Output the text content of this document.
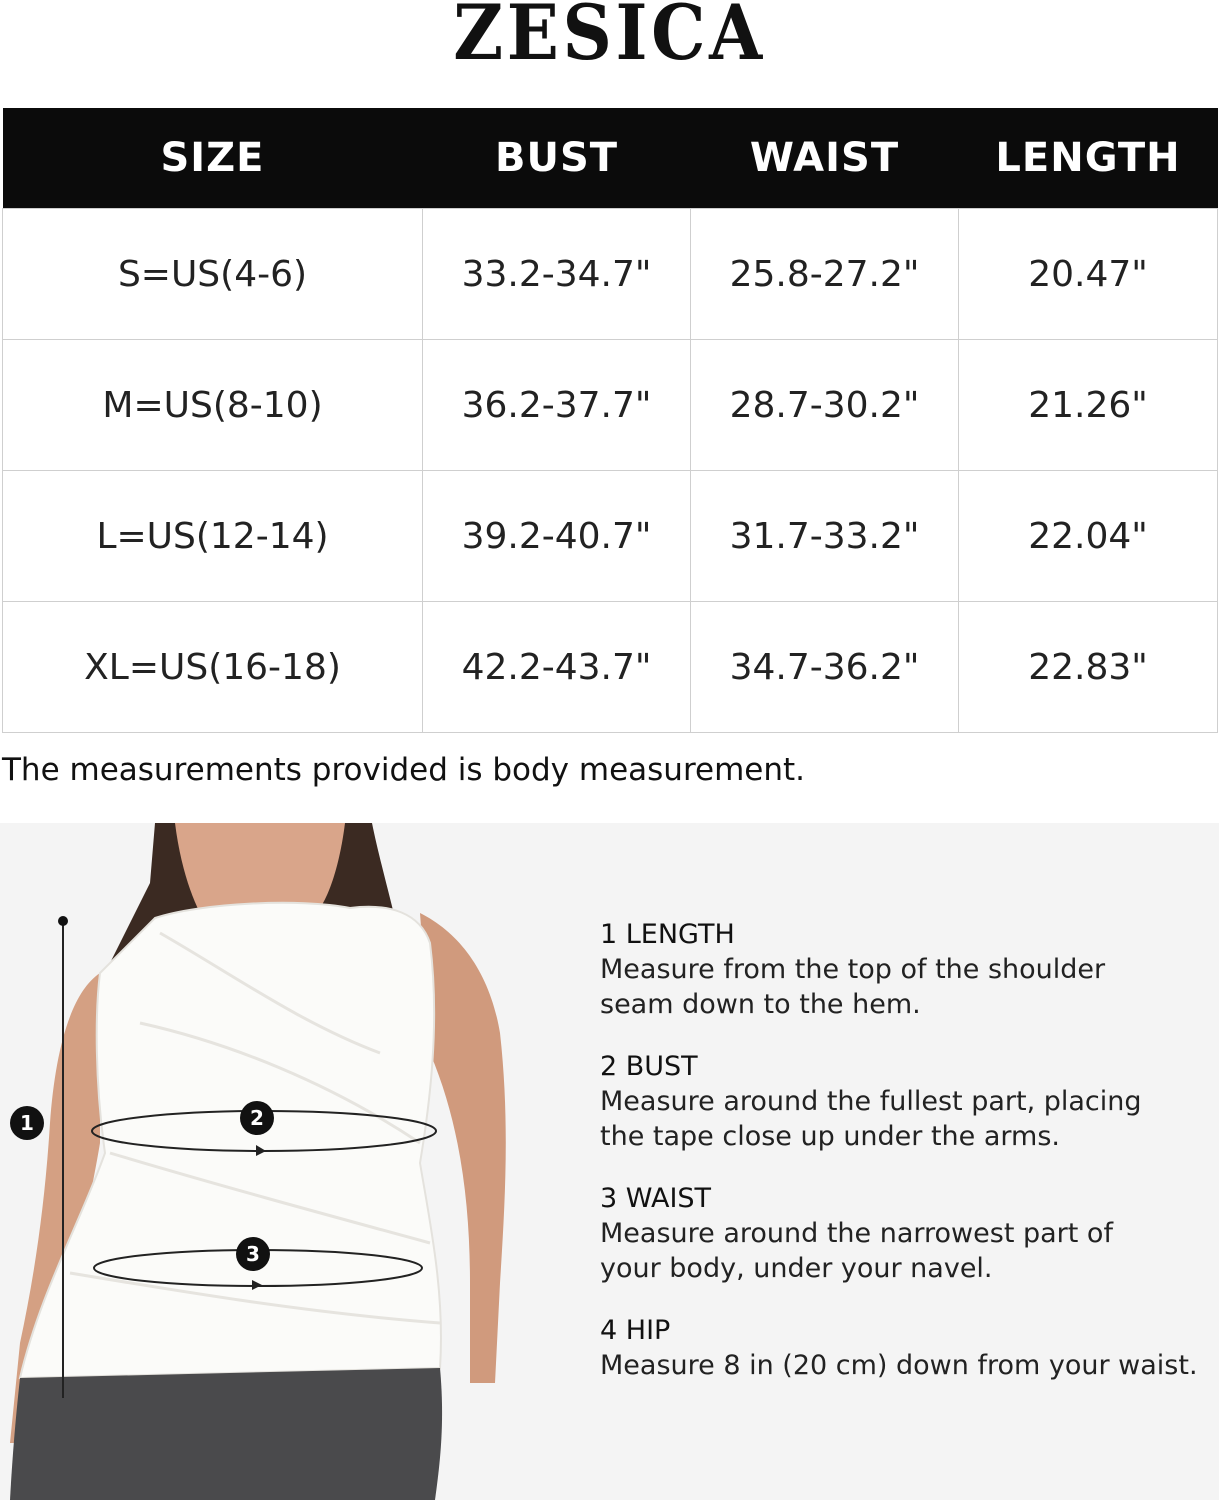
ZESICA
SIZE	BUST	WAIST	LENGTH
S=US(4-6)	33.2-34.7"	25.8-27.2"	20.47"
M=US(8-10)	36.2-37.7"	28.7-30.2"	21.26"
L=US(12-14)	39.2-40.7"	31.7-33.2"	22.04"
XL=US(16-18)	42.2-43.7"	34.7-36.2"	22.83"
The measurements provided is body measurement.
1	2
3
1 LENGTH
Measure from the top of the shoulder
seam down to the hem.
2 BUST
Measure around the fullest part, placing
the tape close up under the arms.
3 WAIST
Measure around the narrowest part of
your body, under your navel.
4 HIP
Measure 8 in (20 cm) down from your waist.
